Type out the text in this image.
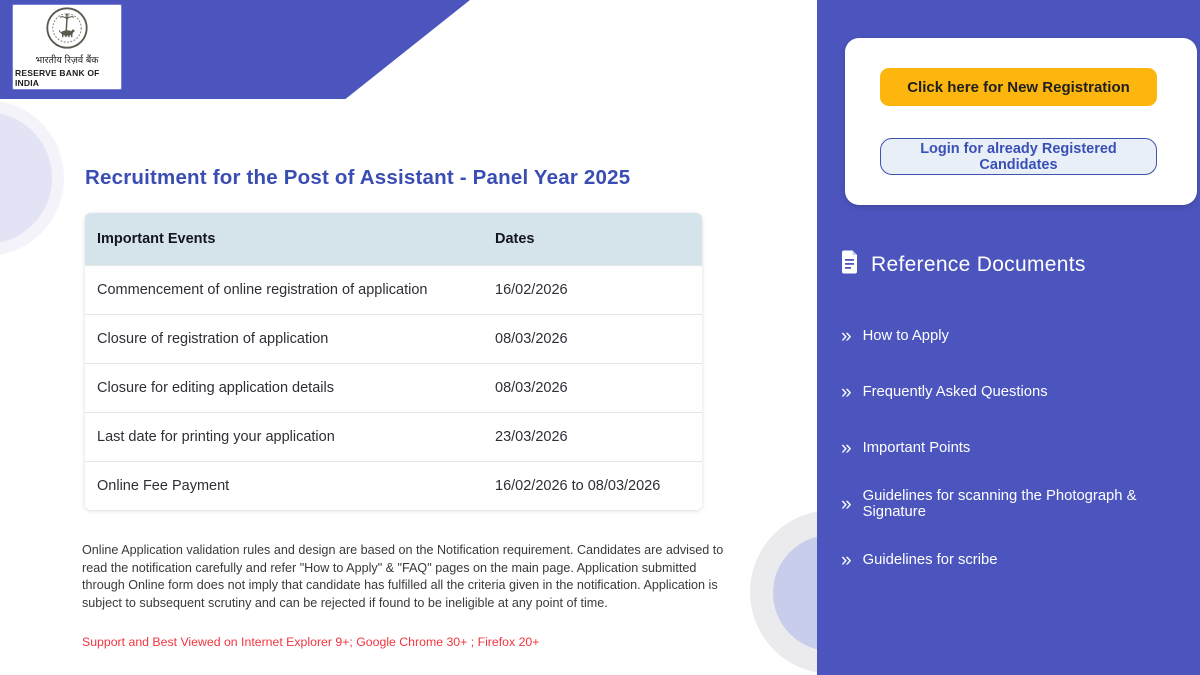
भारतीय रिज़र्व बैंक
RESERVE BANK OF INDIA
Recruitment for the Post of Assistant - Panel Year 2025
Important Events	Dates
Commencement of online registration of application	16/02/2026
Closure of registration of application	08/03/2026
Closure for editing application details	08/03/2026
Last date for printing your application	23/03/2026
Online Fee Payment	16/02/2026 to 08/03/2026
Online Application validation rules and design are based on the Notification requirement. Candidates are advised to read the notification carefully and refer "How to Apply" & "FAQ" pages on the main page. Application submitted through Online form does not imply that candidate has fulfilled all the criteria given in the notification. Application is subject to subsequent scrutiny and can be rejected if found to be ineligible at any point of time.
Support and Best Viewed on Internet Explorer 9+; Google Chrome 30+ ; Firefox 20+
Click here for New Registration
Login for already Registered Candidates
Reference Documents
» How to Apply
» Frequently Asked Questions
» Important Points
» Guidelines for scanning the Photograph & Signature
» Guidelines for scribe
